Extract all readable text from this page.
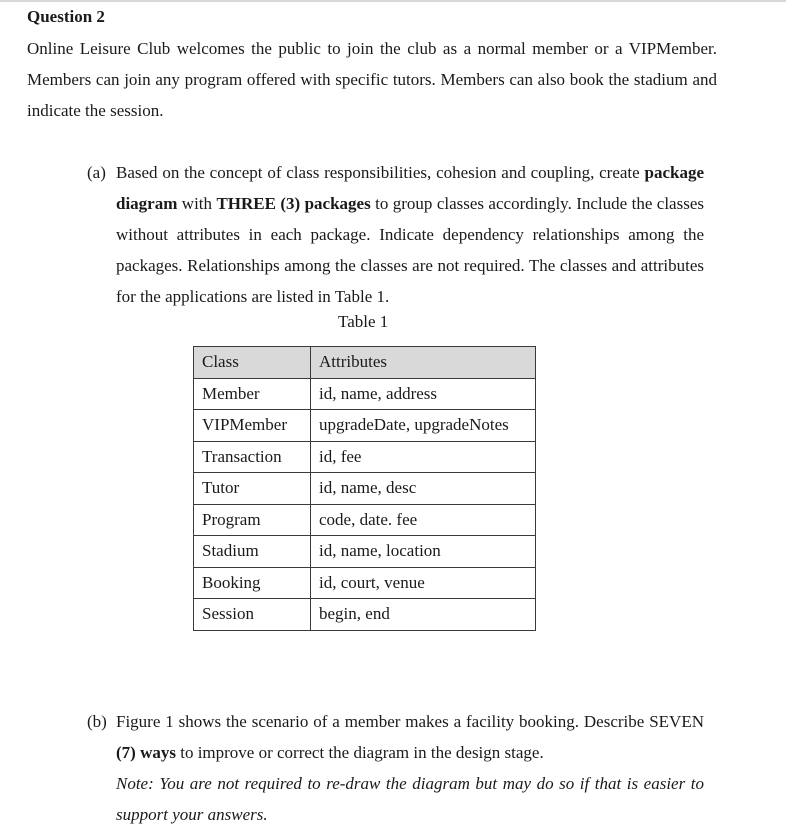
Question 2
Online Leisure Club welcomes the public to join the club as a normal member or a VIPMember. Members can join any program offered with specific tutors. Members can also book the stadium and indicate the session.
(a) Based on the concept of class responsibilities, cohesion and coupling, create package diagram with THREE (3) packages to group classes accordingly. Include the classes without attributes in each package. Indicate dependency relationships among the packages. Relationships among the classes are not required. The classes and attributes for the applications are listed in Table 1.
Table 1
Class	Attributes
Member	id, name, address
VIPMember	upgradeDate, upgradeNotes
Transaction	id, fee
Tutor	id, name, desc
Program	code, date. fee
Stadium	id, name, location
Booking	id, court, venue
Session	begin, end
(b) Figure 1 shows the scenario of a member makes a facility booking. Describe SEVEN (7) ways to improve or correct the diagram in the design stage.
Note: You are not required to re-draw the diagram but may do so if that is easier to support your answers.
